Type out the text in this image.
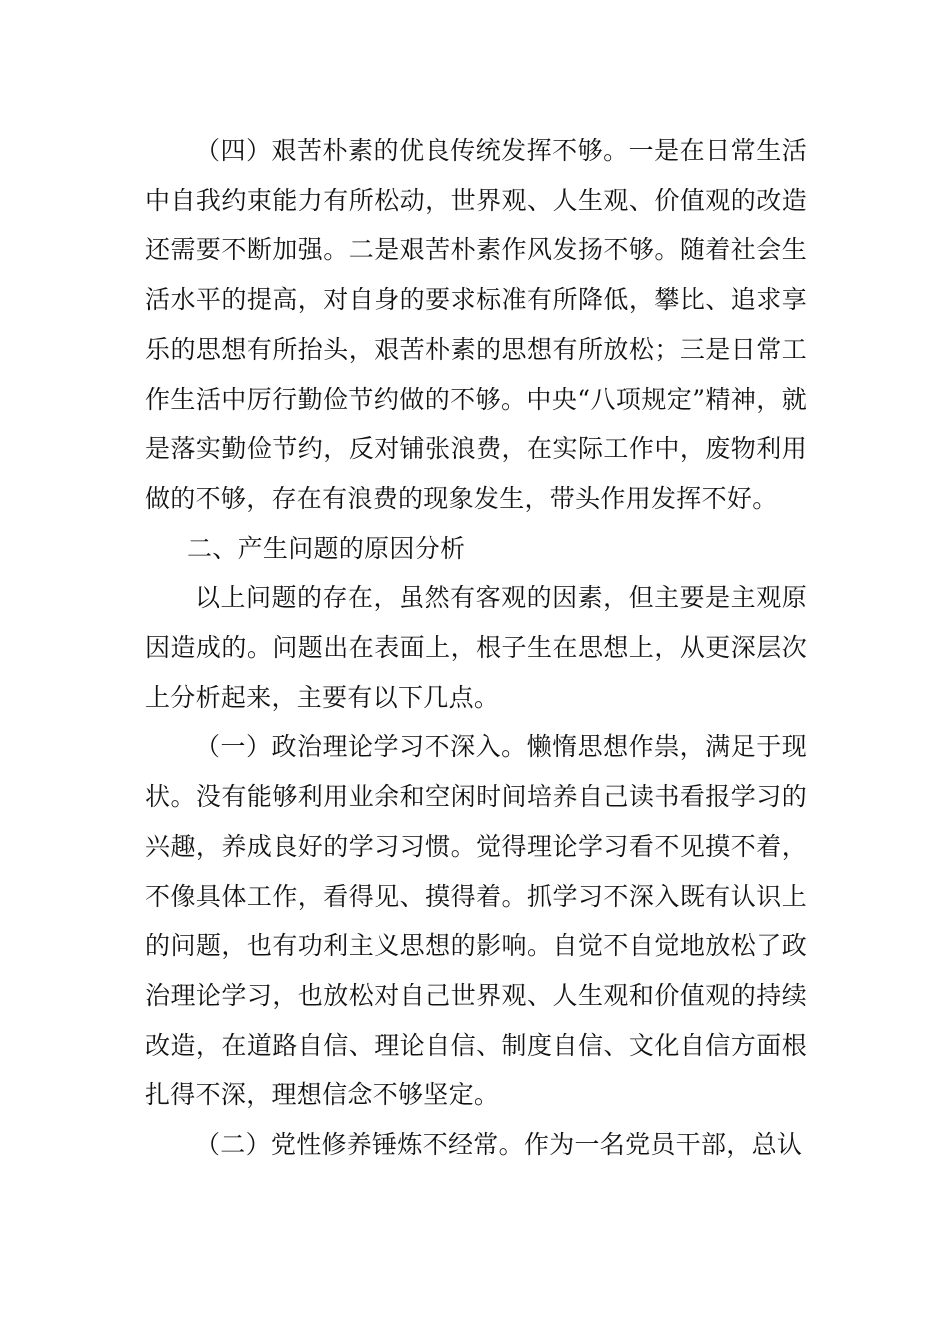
（四）艰苦朴素的优良传统发挥不够。一是在日常生活中自我约束能力有所松动，世界观、人生观、价值观的改造还需要不断加强。二是艰苦朴素作风发扬不够。随着社会生活水平的提高，对自身的要求标准有所降低，攀比、追求享乐的思想有所抬头，艰苦朴素的思想有所放松；三是日常工作生活中厉行勤俭节约做的不够。中央“八项规定”精神，就是落实勤俭节约，反对铺张浪费，在实际工作中，废物利用做的不够，存在有浪费的现象发生，带头作用发挥不好。

二、产生问题的原因分析

以上问题的存在，虽然有客观的因素，但主要是主观原因造成的。问题出在表面上，根子生在思想上，从更深层次上分析起来，主要有以下几点。

（一）政治理论学习不深入。懒惰思想作祟，满足于现状。没有能够利用业余和空闲时间培养自己读书看报学习的兴趣，养成良好的学习习惯。觉得理论学习看不见摸不着，不像具体工作，看得见、摸得着。抓学习不深入既有认识上的问题，也有功利主义思想的影响。自觉不自觉地放松了政治理论学习，也放松对自己世界观、人生观和价值观的持续改造，在道路自信、理论自信、制度自信、文化自信方面根扎得不深，理想信念不够坚定。

（二）党性修养锤炼不经常。作为一名党员干部，总认
